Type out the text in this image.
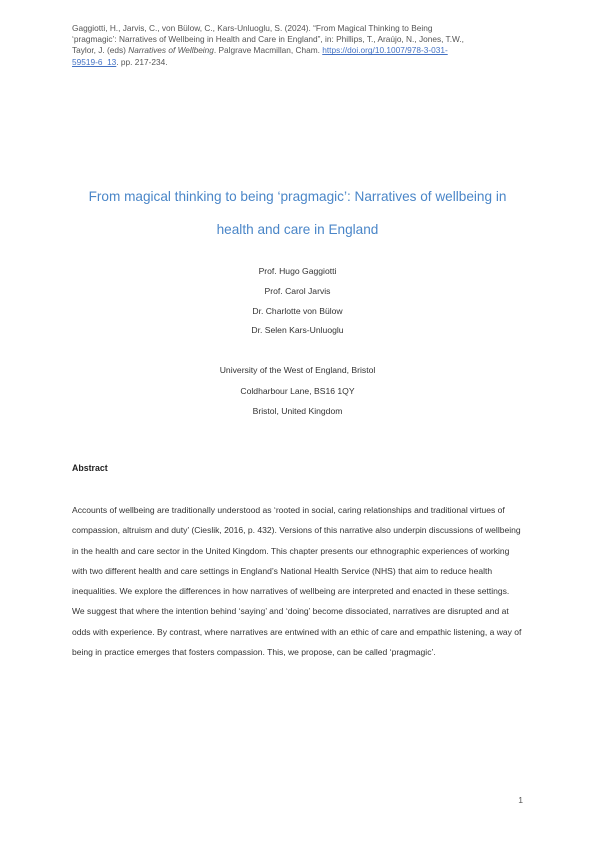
Gaggiotti, H., Jarvis, C., von Bülow, C., Kars-Unluoglu, S. (2024). “From Magical Thinking to Being
‘pragmagic’: Narratives of Wellbeing in Health and Care in England”, in: Phillips, T., Araújo, N., Jones, T.W.,
Taylor, J. (eds) Narratives of Wellbeing. Palgrave Macmillan, Cham. https://doi.org/10.1007/978-3-031-
59519-6_13. pp. 217-234.
From magical thinking to being ‘pragmagic’: Narratives of wellbeing in
health and care in England
Prof. Hugo Gaggiotti
Prof. Carol Jarvis
Dr. Charlotte von Bülow
Dr. Selen Kars-Unluoglu
University of the West of England, Bristol
Coldharbour Lane, BS16 1QY
Bristol, United Kingdom
Abstract
Accounts of wellbeing are traditionally understood as ‘rooted in social, caring relationships and traditional virtues of compassion, altruism and duty’ (Cieslik, 2016, p. 432). Versions of this narrative also underpin discussions of wellbeing in the health and care sector in the United Kingdom. This chapter presents our ethnographic experiences of working with two different health and care settings in England’s National Health Service (NHS) that aim to reduce health inequalities. We explore the differences in how narratives of wellbeing are interpreted and enacted in these settings. We suggest that where the intention behind ‘saying’ and ‘doing’ become dissociated, narratives are disrupted and at odds with experience. By contrast, where narratives are entwined with an ethic of care and empathic listening, a way of being in practice emerges that fosters compassion. This, we propose, can be called ‘pragmagic’.
1
